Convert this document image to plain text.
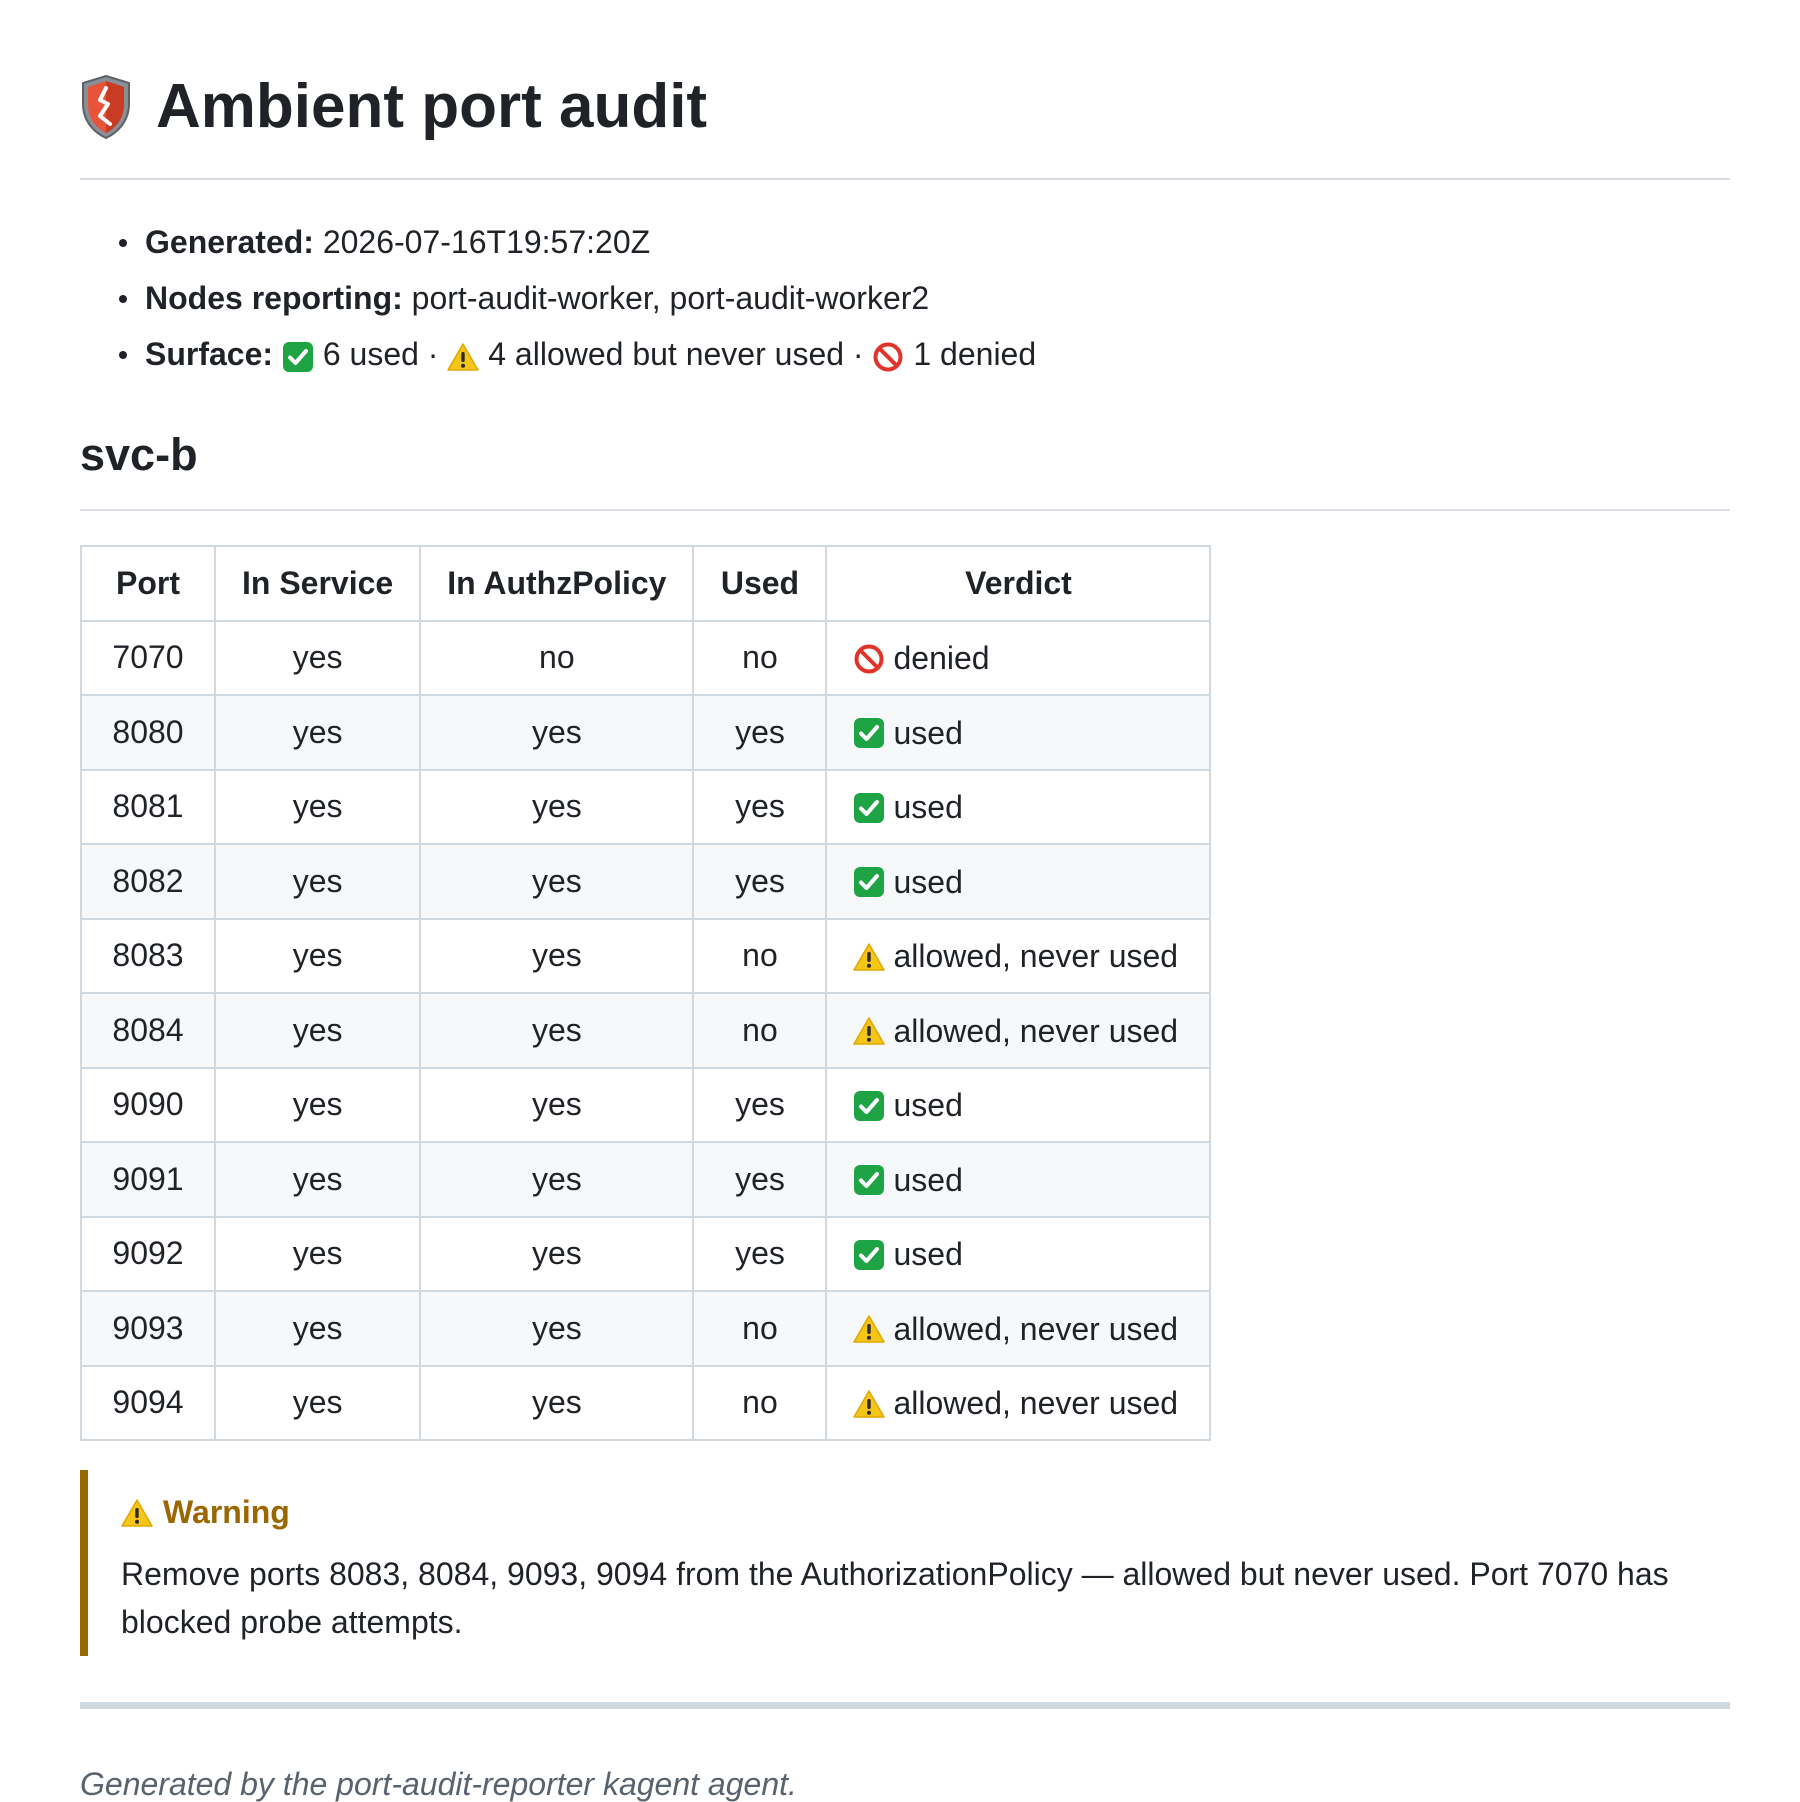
Ambient port audit
Generated: 2026-07-16T19:57:20Z
Nodes reporting: port-audit-worker, port-audit-worker2
Surface: 6 used · 4 allowed but never used · 1 denied
svc-b
Port	In Service	In AuthzPolicy	Used	Verdict
7070	yes	no	no	denied
8080	yes	yes	yes	used
8081	yes	yes	yes	used
8082	yes	yes	yes	used
8083	yes	yes	no	allowed, never used
8084	yes	yes	no	allowed, never used
9090	yes	yes	yes	used
9091	yes	yes	yes	used
9092	yes	yes	yes	used
9093	yes	yes	no	allowed, never used
9094	yes	yes	no	allowed, never used
Warning
Remove ports 8083, 8084, 9093, 9094 from the AuthorizationPolicy — allowed but never used. Port 7070 has blocked probe attempts.
Generated by the port-audit-reporter kagent agent.
